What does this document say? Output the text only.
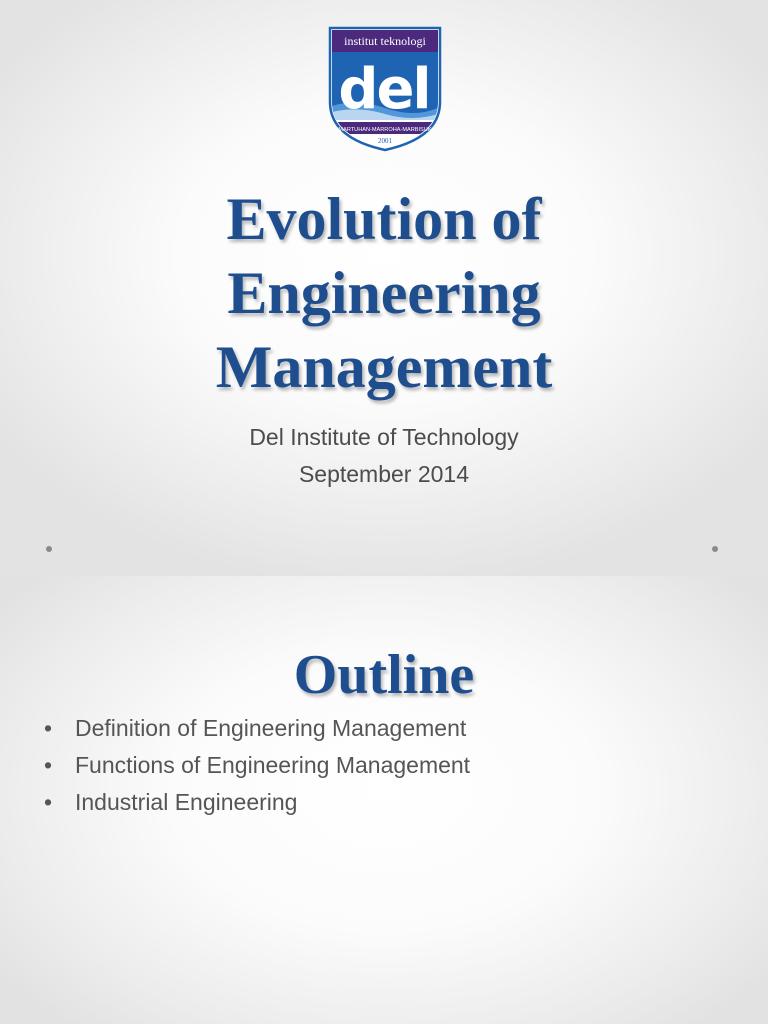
institut teknologi
del
MARTUHAN-MARROHA-MARBISUK
2001
Evolution of
Engineering
Management
Del Institute of Technology
September 2014
Outline
• Definition of Engineering Management
• Functions of Engineering Management
• Industrial Engineering
